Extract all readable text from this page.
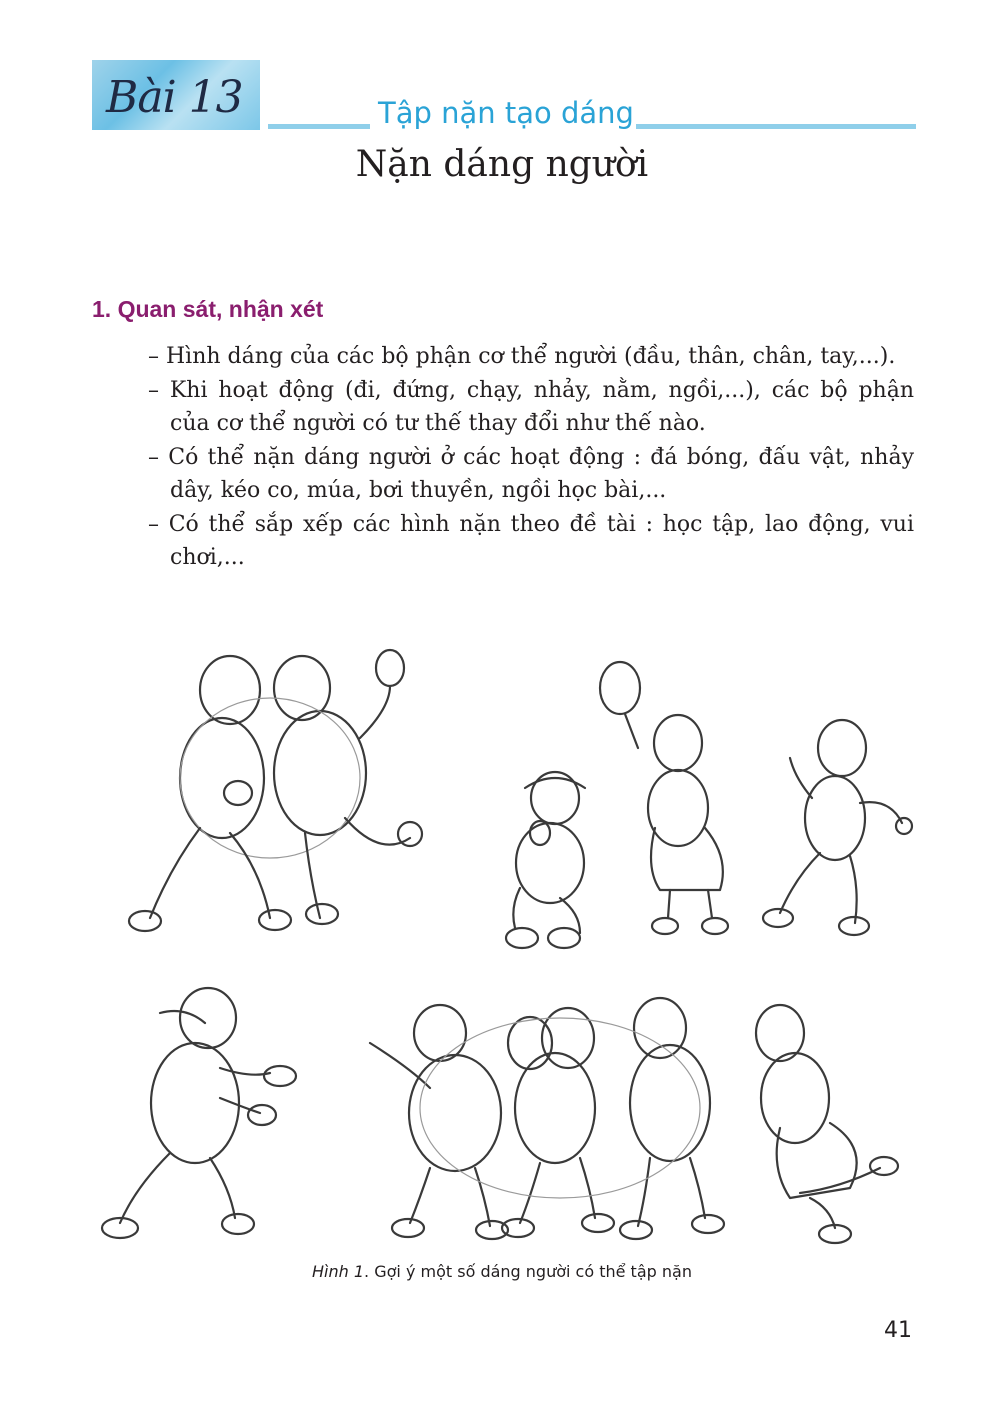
Bài 13	Tập nặn tạo dáng
Nặn dáng người
1. Quan sát, nhận xét
– Hình dáng của các bộ phận cơ thể người (đầu, thân, chân, tay,...).
– Khi hoạt động (đi, đứng, chạy, nhảy, nằm, ngồi,...), các bộ phận của cơ thể người có tư thế thay đổi như thế nào.
– Có thể nặn dáng người ở các hoạt động : đá bóng, đấu vật, nhảy dây, kéo co, múa, bơi thuyền, ngồi học bài,...
– Có thể sắp xếp các hình nặn theo đề tài : học tập, lao động, vui chơi,...
Hình 1. Gợi ý một số dáng người có thể tập nặn
41
